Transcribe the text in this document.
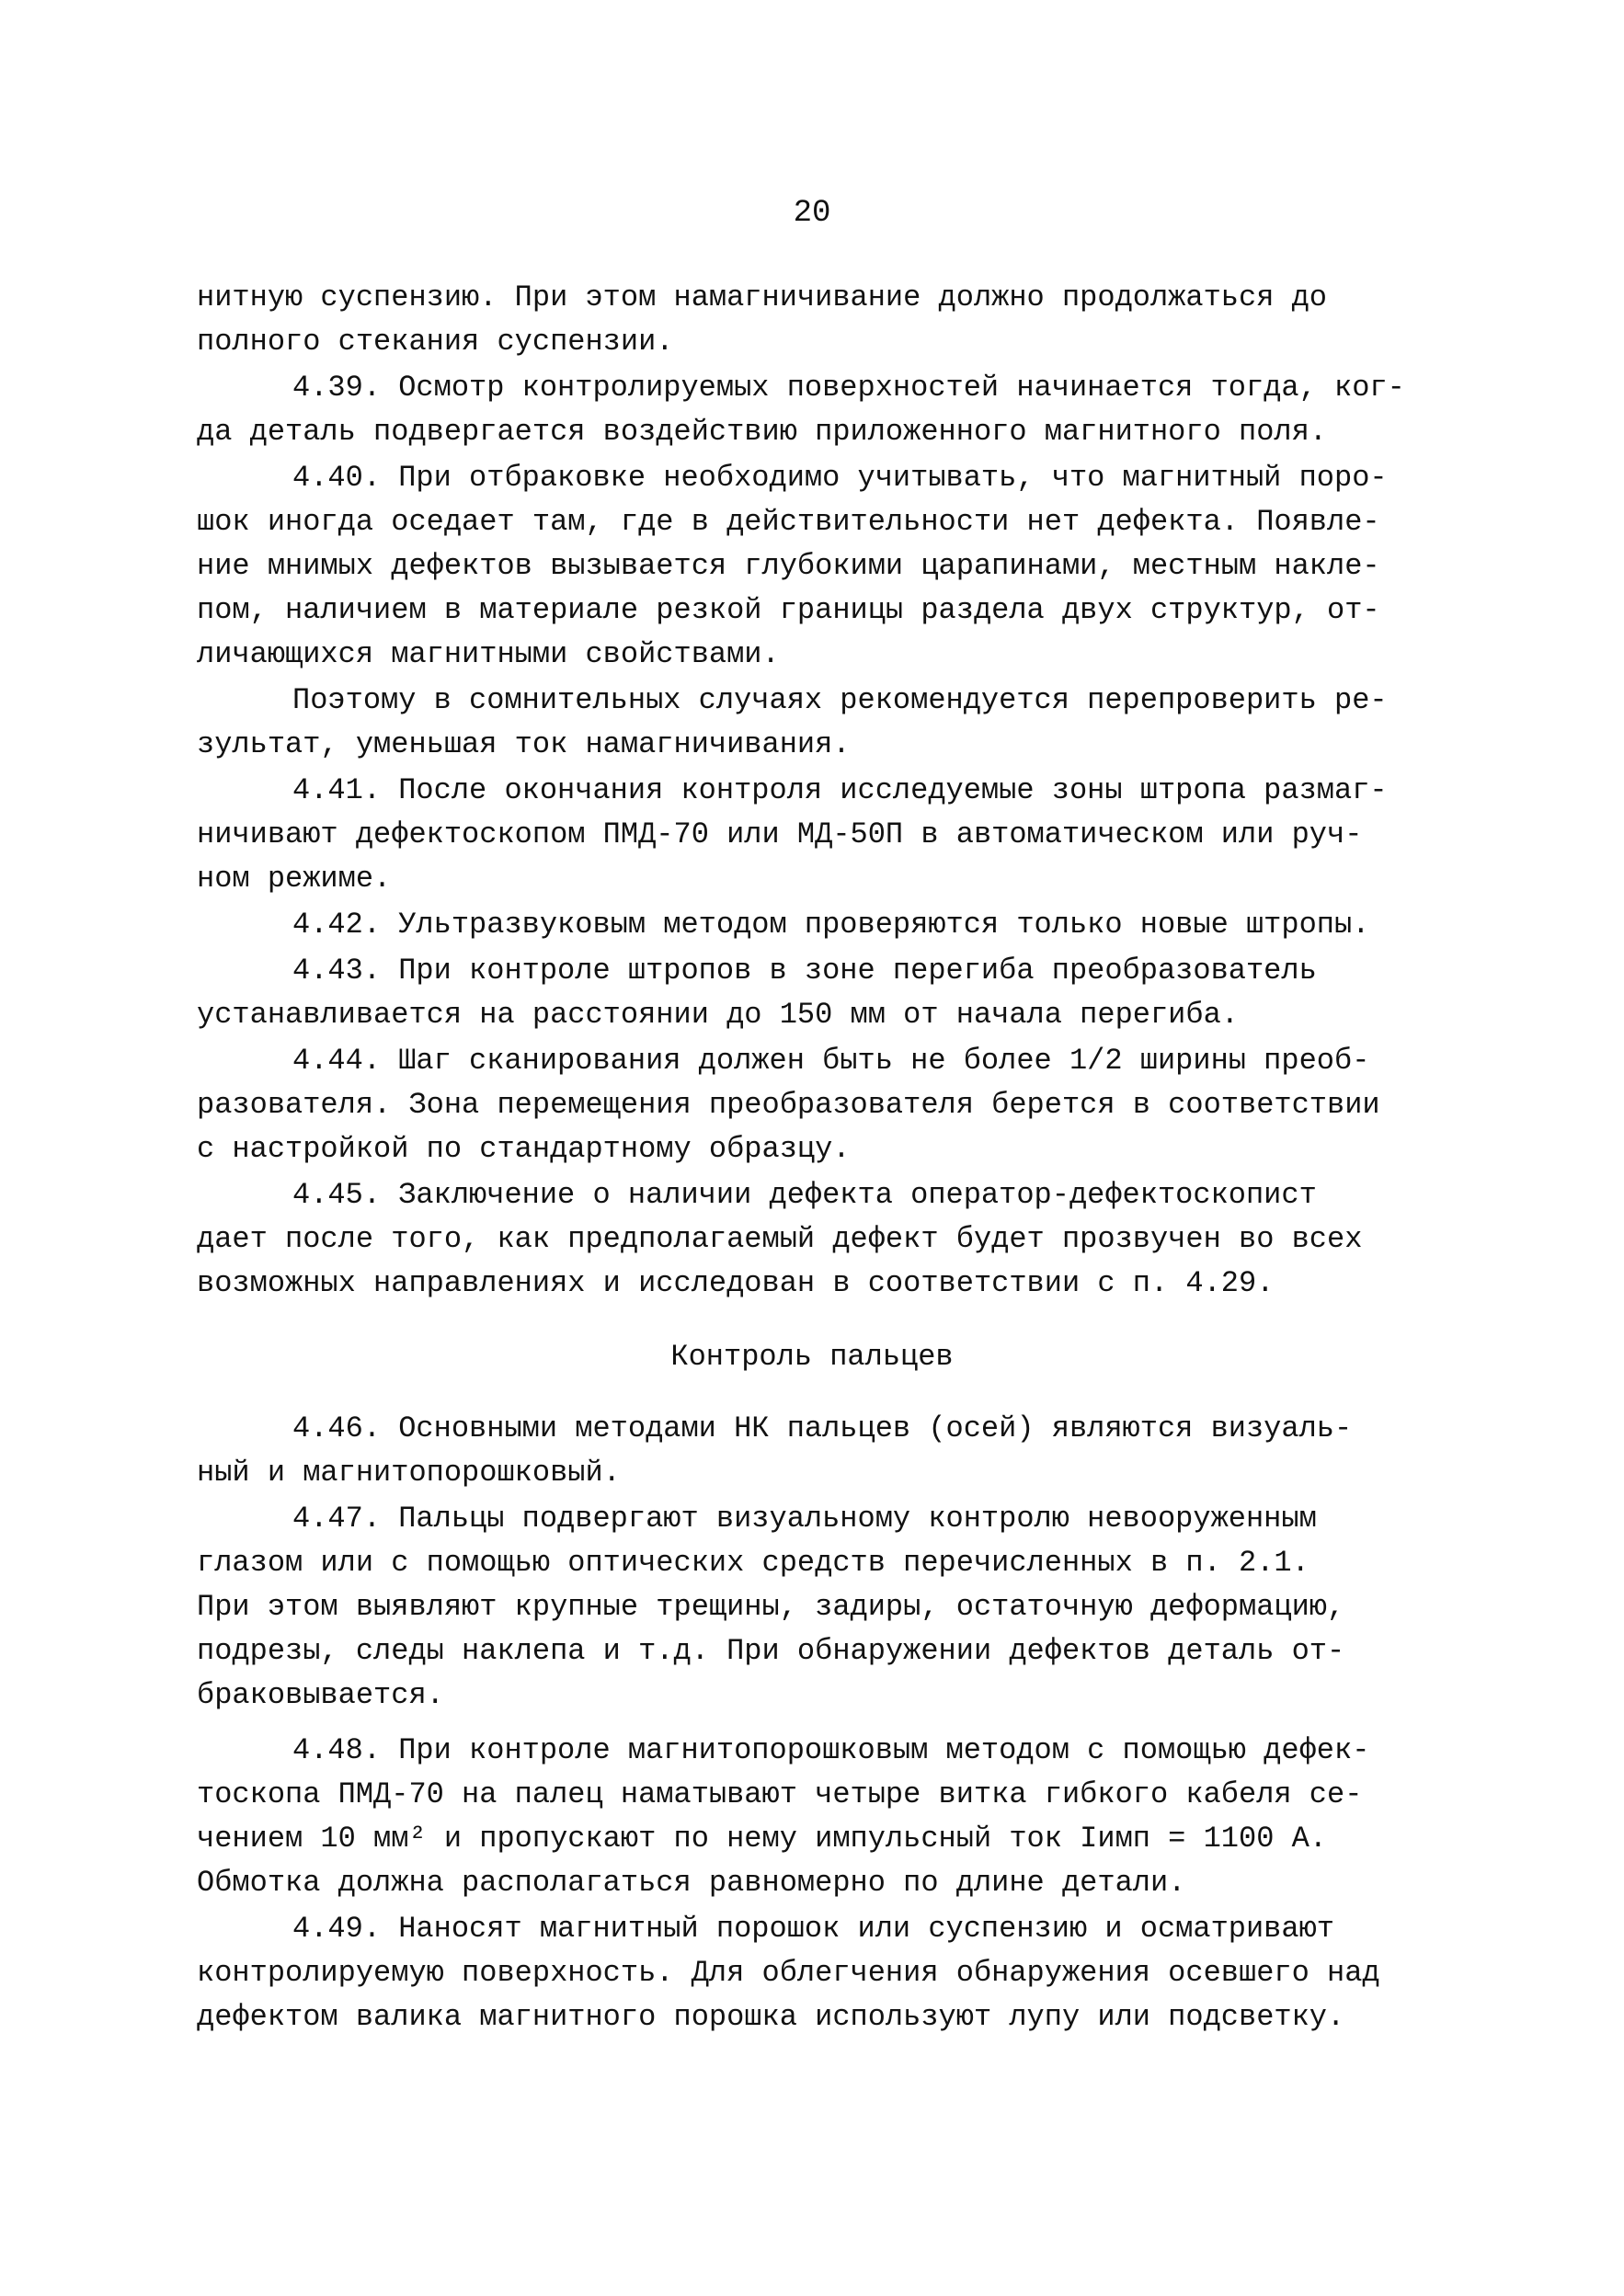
20
нитную суспензию. При этом намагничивание должно продолжаться до
полного стекания суспензии.
4.39. Осмотр контролируемых поверхностей начинается тогда, ког-
да деталь подвергается воздействию приложенного магнитного поля.
4.40. При отбраковке необходимо учитывать, что магнитный поро-
шок иногда оседает там, где в действительности нет дефекта. Появле-
ние мнимых дефектов вызывается глубокими царапинами, местным накле-
пом, наличием в материале резкой границы раздела двух структур, от-
личающихся магнитными свойствами.
Поэтому в сомнительных случаях рекомендуется перепроверить ре-
зультат, уменьшая ток намагничивания.
4.41. После окончания контроля исследуемые зоны штропа размаг-
ничивают дефектоскопом ПМД-70 или МД-50П в автоматическом или руч-
ном режиме.
4.42. Ультразвуковым методом проверяются только новые штропы.
4.43. При контроле штропов в зоне перегиба преобразователь
устанавливается на расстоянии до 150 мм от начала перегиба.
4.44. Шаг сканирования должен быть не более 1/2 ширины преоб-
разователя. Зона перемещения преобразователя берется в соответствии
с настройкой по стандартному образцу.
4.45. Заключение о наличии дефекта оператор-дефектоскопист
дает после того, как предполагаемый дефект будет прозвучен во всех
возможных направлениях и исследован в соответствии с п. 4.29.
Контроль пальцев
4.46. Основными методами НК пальцев (осей) являются визуаль-
ный и магнитопорошковый.
4.47. Пальцы подвергают визуальному контролю невооруженным
глазом или с помощью оптических средств перечисленных в п. 2.1.
При этом выявляют крупные трещины, задиры, остаточную деформацию,
подрезы, следы наклепа и т.д. При обнаружении дефектов деталь от-
браковывается.
4.48. При контроле магнитопорошковым методом с помощью дефек-
тоскопа ПМД-70 на палец наматывают четыре витка гибкого кабеля се-
чением 10 мм² и пропускают по нему импульсный ток Iимп = 1100 А.
Обмотка должна располагаться равномерно по длине детали.
4.49. Наносят магнитный порошок или суспензию и осматривают
контролируемую поверхность. Для облегчения обнаружения осевшего над
дефектом валика магнитного порошка используют лупу или подсветку.
